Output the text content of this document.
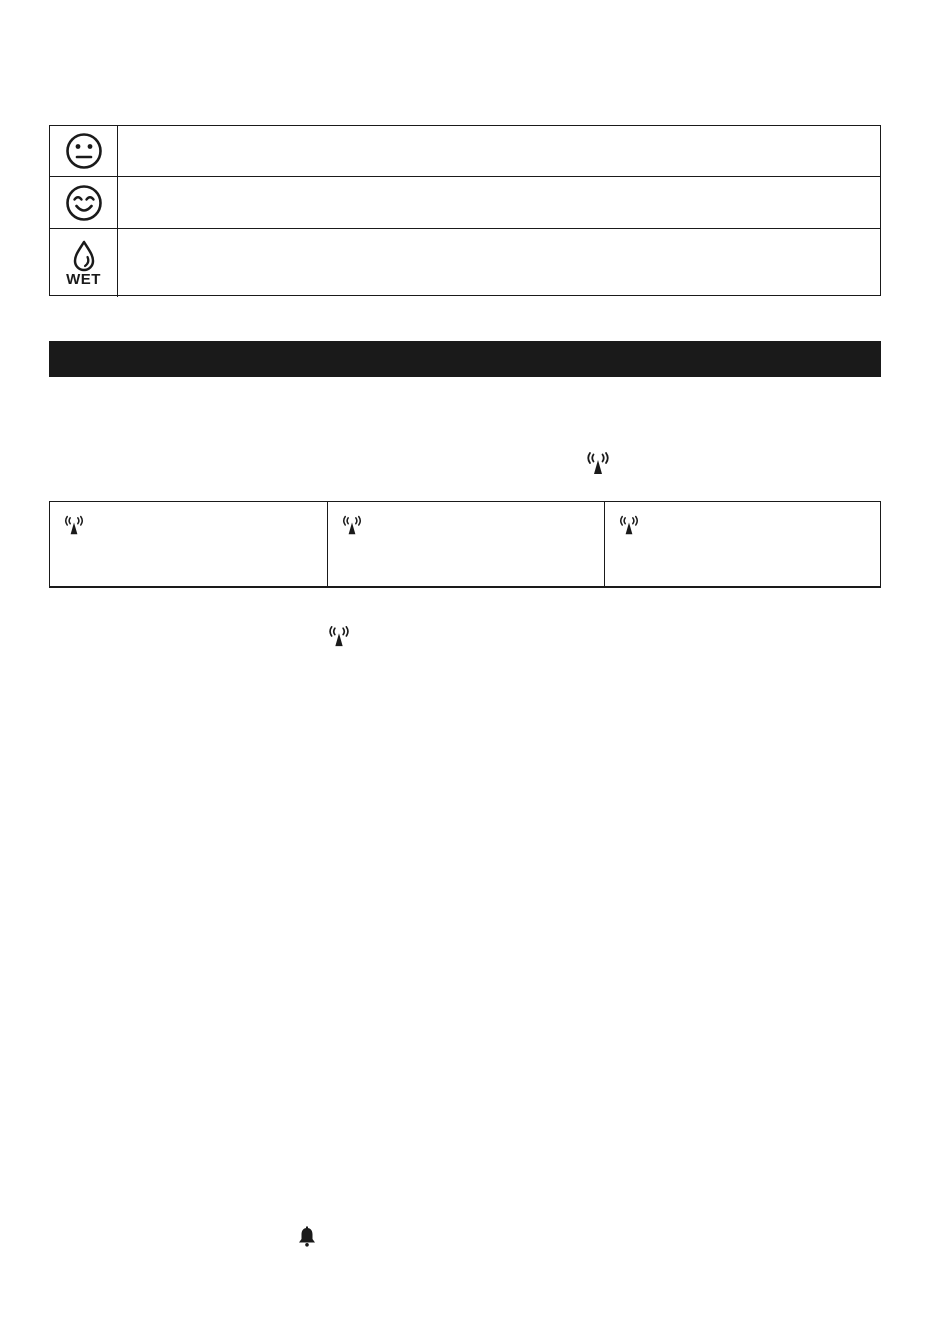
WET
